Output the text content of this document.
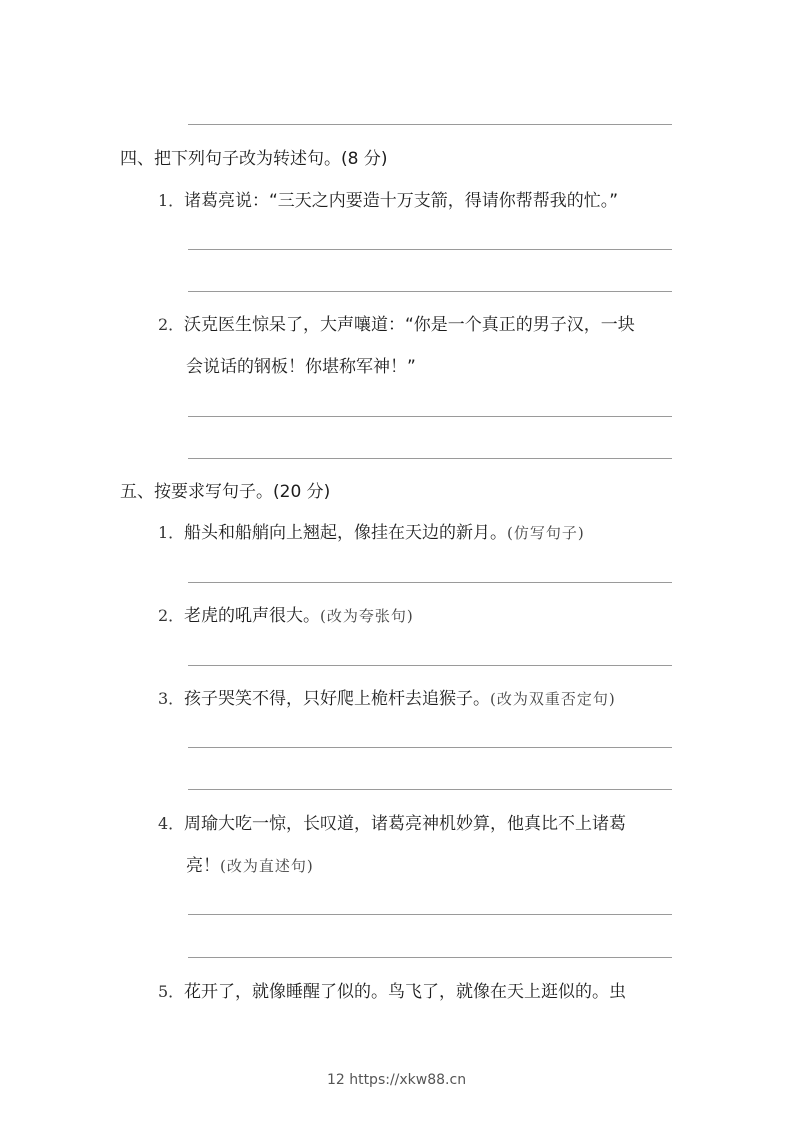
四、把下列句子改为转述句。(8 分)
1．诸葛亮说：“三天之内要造十万支箭，得请你帮帮我的忙。”
2．沃克医生惊呆了，大声嚷道：“你是一个真正的男子汉，一块
会说话的钢板！你堪称军神！”
五、按要求写句子。(20 分)
1．船头和船艄向上翘起，像挂在天边的新月。(仿写句子)
2．老虎的吼声很大。(改为夸张句)
3．孩子哭笑不得，只好爬上桅杆去追猴子。(改为双重否定句)
4．周瑜大吃一惊，长叹道，诸葛亮神机妙算，他真比不上诸葛
亮！(改为直述句)
5．花开了，就像睡醒了似的。鸟飞了，就像在天上逛似的。虫
12 https://xkw88.cn
